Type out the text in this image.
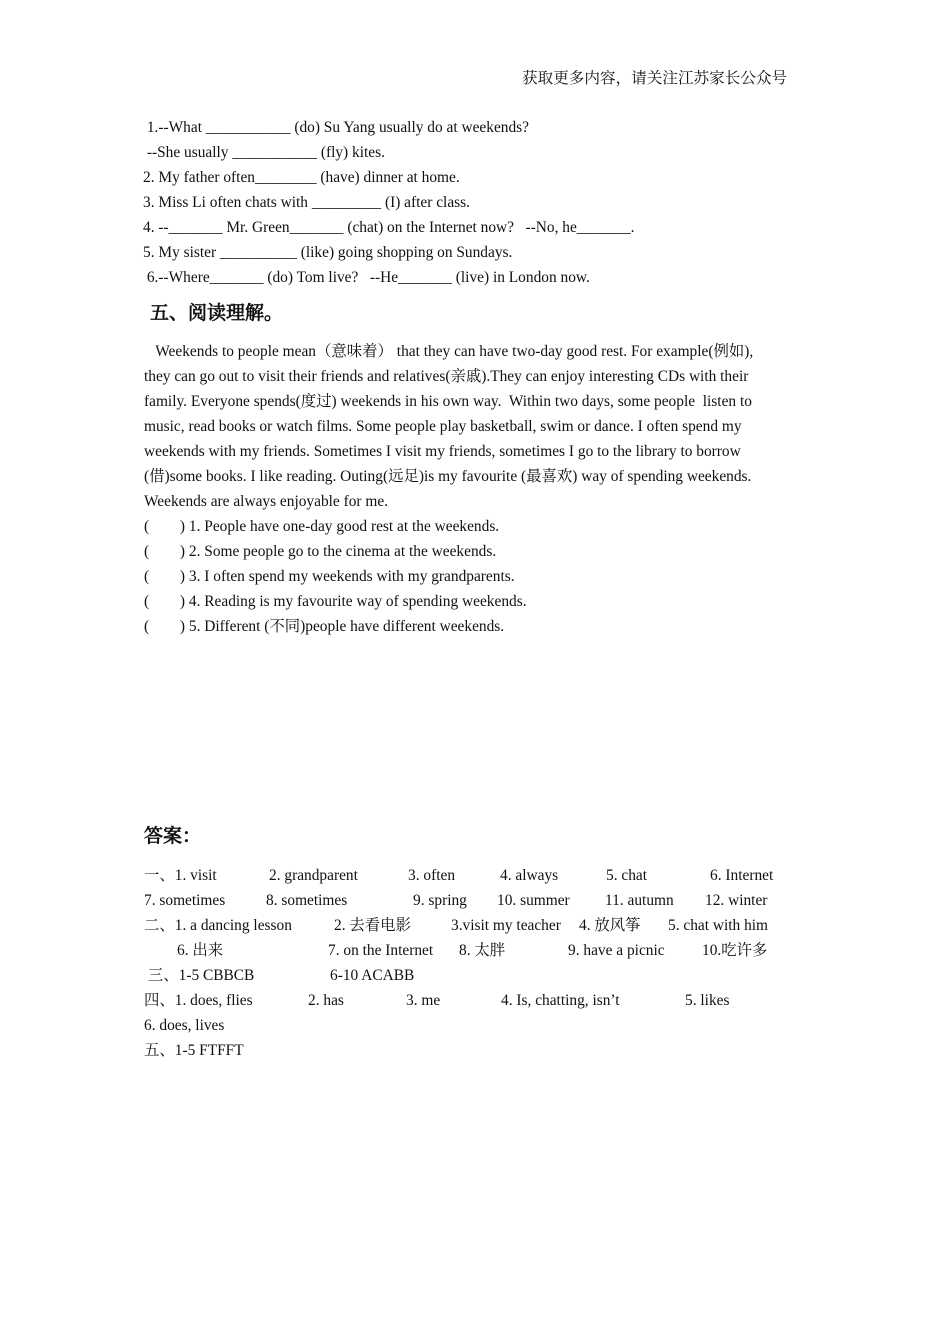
获取更多内容，请关注江苏家长公众号
1.--What ___________ (do) Su Yang usually do at weekends?
--She usually ___________ (fly) kites.
2. My father often________ (have) dinner at home.
3. Miss Li often chats with _________ (I) after class.
4. --_______ Mr. Green_______ (chat) on the Internet now?   --No, he_______.
5. My sister __________ (like) going shopping on Sundays.
6.--Where_______ (do) Tom live?   --He_______ (live) in London now.
五、阅读理解。
Weekends to people mean（意味着） that they can have two-day good rest. For example(例如),
they can go out to visit their friends and relatives(亲戚).They can enjoy interesting CDs with their
family. Everyone spends(度过) weekends in his own way.  Within two days, some people  listen to
music, read books or watch films. Some people play basketball, swim or dance. I often spend my
weekends with my friends. Sometimes I visit my friends, sometimes I go to the library to borrow
(借)some books. I like reading. Outing(远足)is my favourite (最喜欢) way of spending weekends.
Weekends are always enjoyable for me.
(        ) 1. People have one-day good rest at the weekends.
(        ) 2. Some people go to the cinema at the weekends.
(        ) 3. I often spend my weekends with my grandparents.
(        ) 4. Reading is my favourite way of spending weekends.
(        ) 5. Different (不同)people have different weekends.
答案：
一、1. visit	2. grandparent	3. often	4. always	5. chat	6. Internet
7. sometimes	8. sometimes	9. spring 10. summer 11. autumn 12. winter
二、1. a dancing lesson	2. 去看电影	3.visit my teacher 4. 放风筝 5. chat with him
6. 出来	7. on the Internet 8. 太胖	9. have a picnic 10.吃许多
三、1-5 CBBCB	6-10 ACABB
四、1. does, flies	2. has	3. me	4. Is, chatting, isn’t	5. likes
6. does, lives
五、1-5 FTFFT
